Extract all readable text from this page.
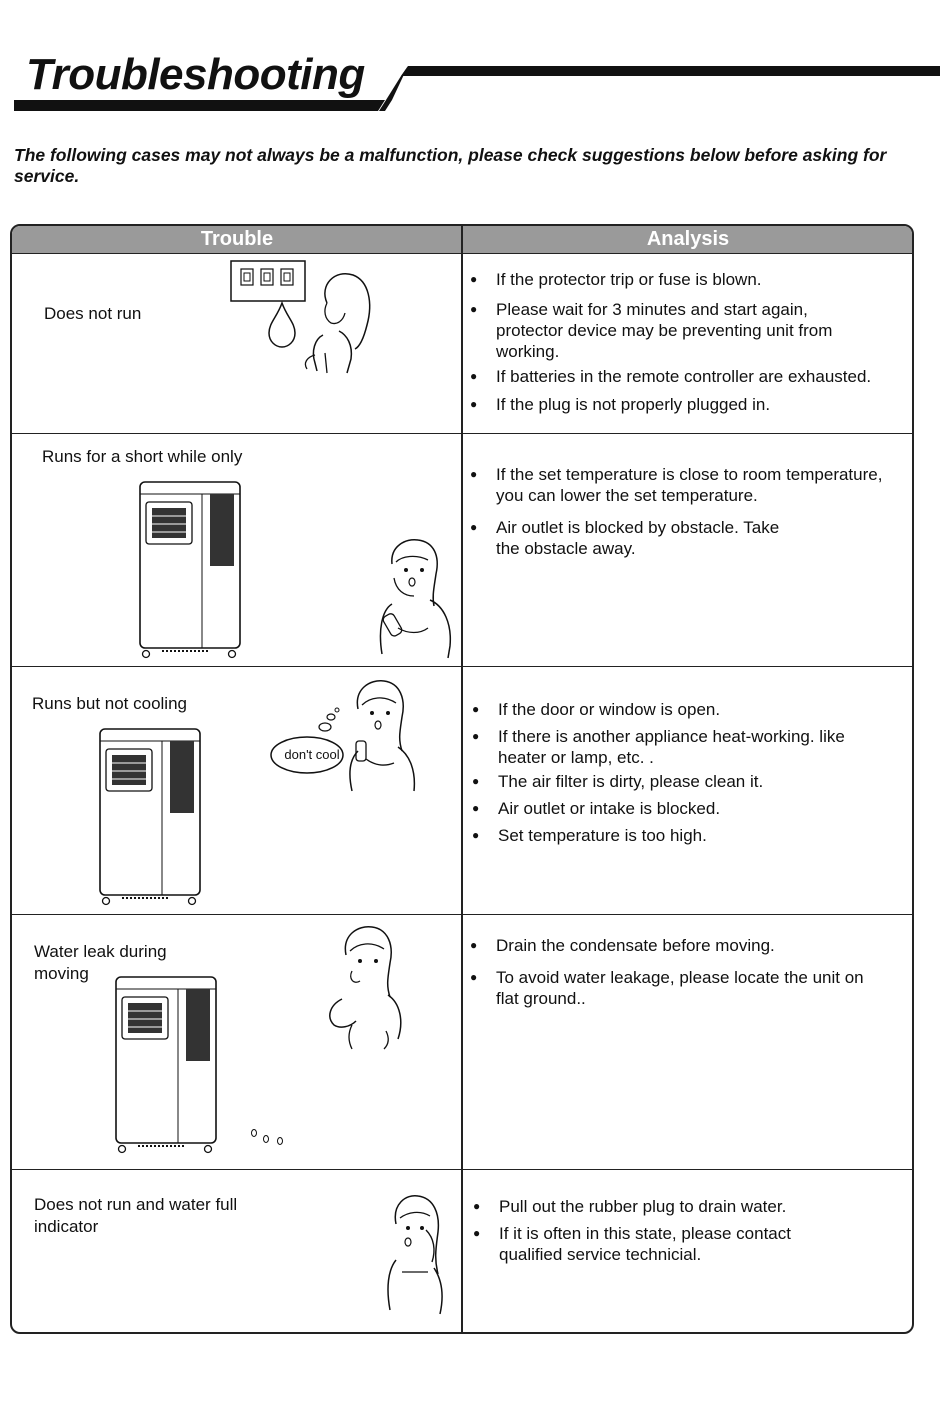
Troubleshooting
The following cases may not always be a malfunction, please check suggestions below before asking for service.
Trouble	Analysis
Does not run
● If the protector trip or fuse is blown.
● Please wait for 3 minutes and start again, protector device may be preventing unit from working.
● If batteries in the remote controller are exhausted.
● If the plug is not properly plugged in.
Runs for a short while only
● If the set temperature is close to room temperature, you can lower the set temperature.
● Air outlet is blocked by obstacle. Take the obstacle away.
Runs but not cooling
don't cool
● If the door or window is open.
● If there is another appliance heat-working. like heater or lamp, etc. .
● The air filter is dirty, please clean it.
● Air outlet or intake is blocked.
● Set temperature is too high.
Water leak during moving
● Drain the condensate before moving.
● To avoid water leakage, please locate the unit on flat ground..
Does not run and water full indicator
● Pull out the rubber plug to drain water.
● If it is often in this state, please contact qualified service technicial.
